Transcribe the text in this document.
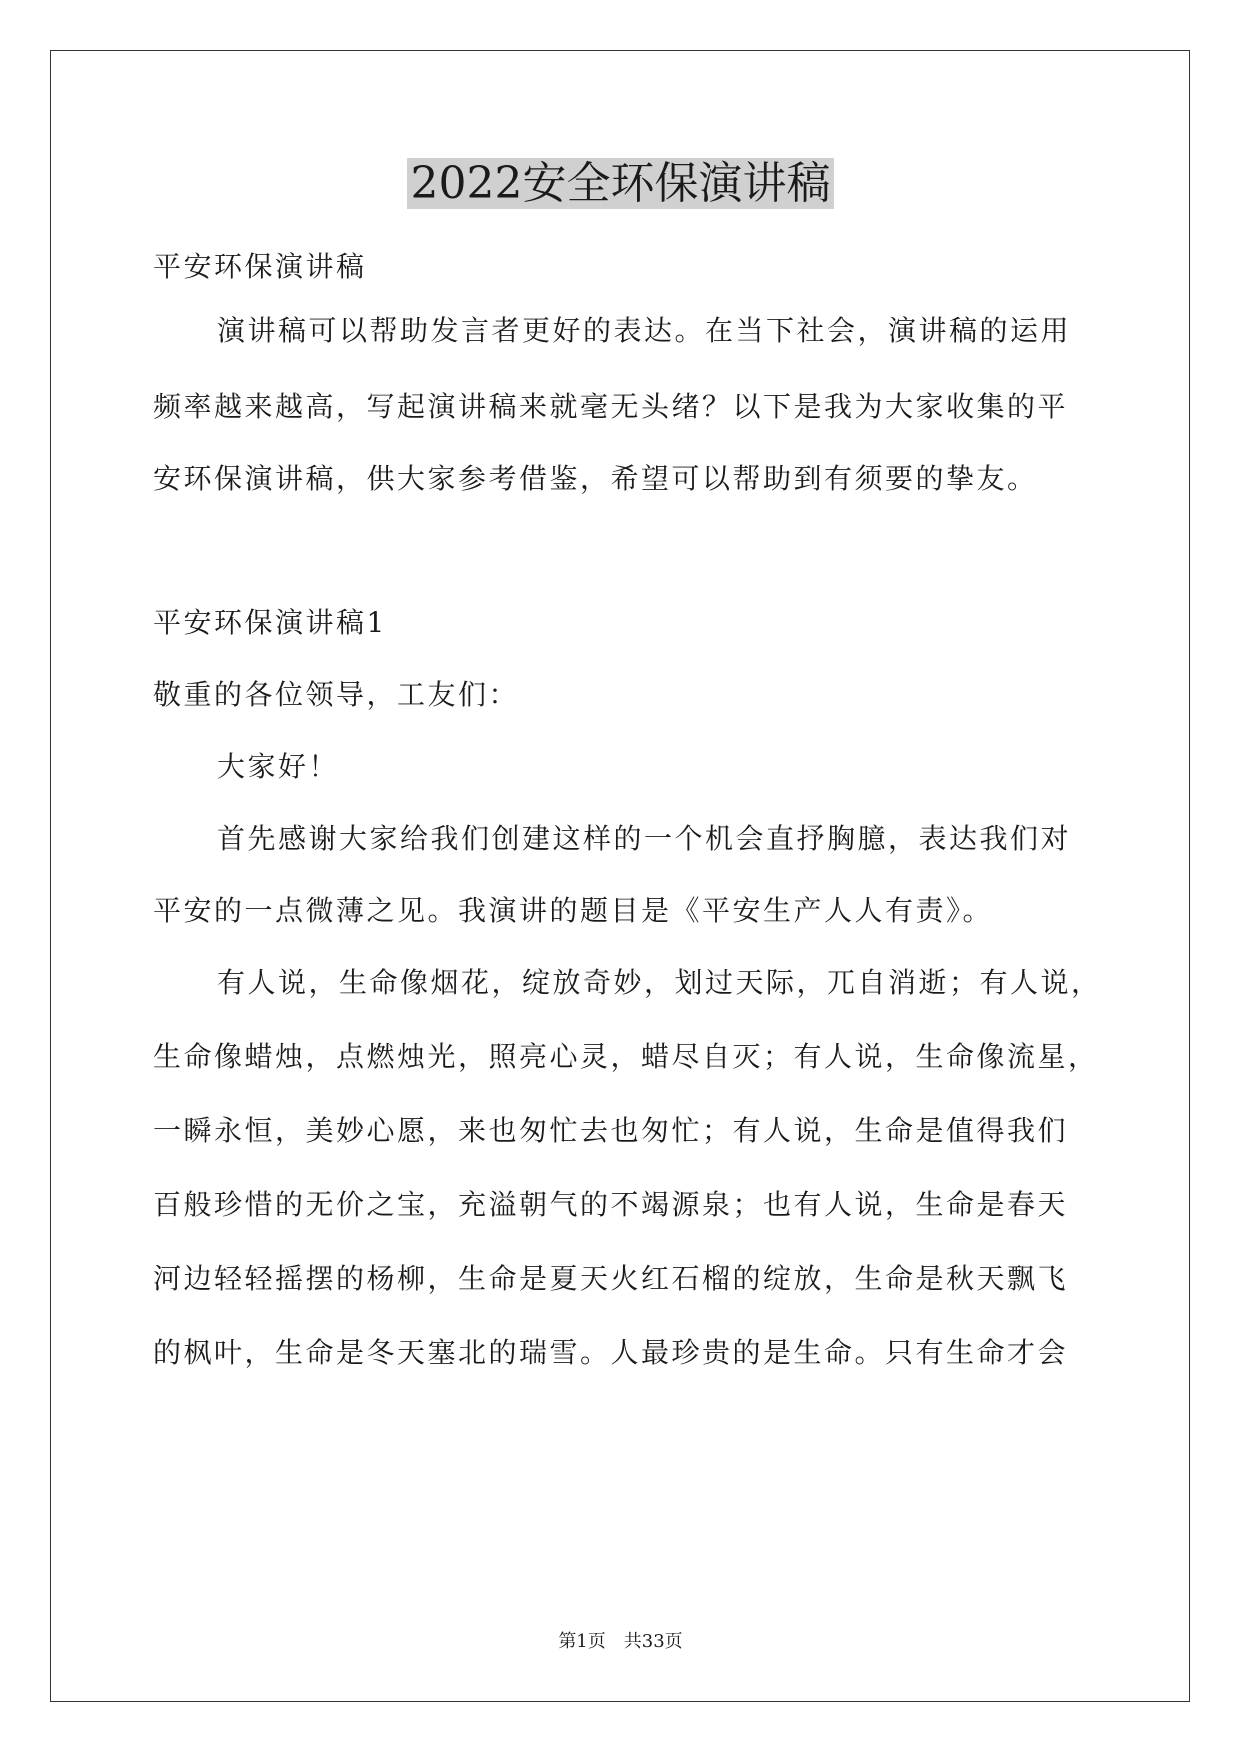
2022安全环保演讲稿
平安环保演讲稿
演讲稿可以帮助发言者更好的表达。在当下社会，演讲稿的运用
频率越来越高，写起演讲稿来就毫无头绪？以下是我为大家收集的平
安环保演讲稿，供大家参考借鉴，希望可以帮助到有须要的挚友。
平安环保演讲稿1
敬重的各位领导，工友们：
大家好！
首先感谢大家给我们创建这样的一个机会直抒胸臆，表达我们对
平安的一点微薄之见。我演讲的题目是《平安生产人人有责》。
有人说，生命像烟花，绽放奇妙，划过天际，兀自消逝；有人说，
生命像蜡烛，点燃烛光，照亮心灵，蜡尽自灭；有人说，生命像流星，
一瞬永恒，美妙心愿，来也匆忙去也匆忙；有人说，生命是值得我们
百般珍惜的无价之宝，充溢朝气的不竭源泉；也有人说，生命是春天
河边轻轻摇摆的杨柳，生命是夏天火红石榴的绽放，生命是秋天飘飞
的枫叶，生命是冬天塞北的瑞雪。人最珍贵的是生命。只有生命才会
第1页 共33页
